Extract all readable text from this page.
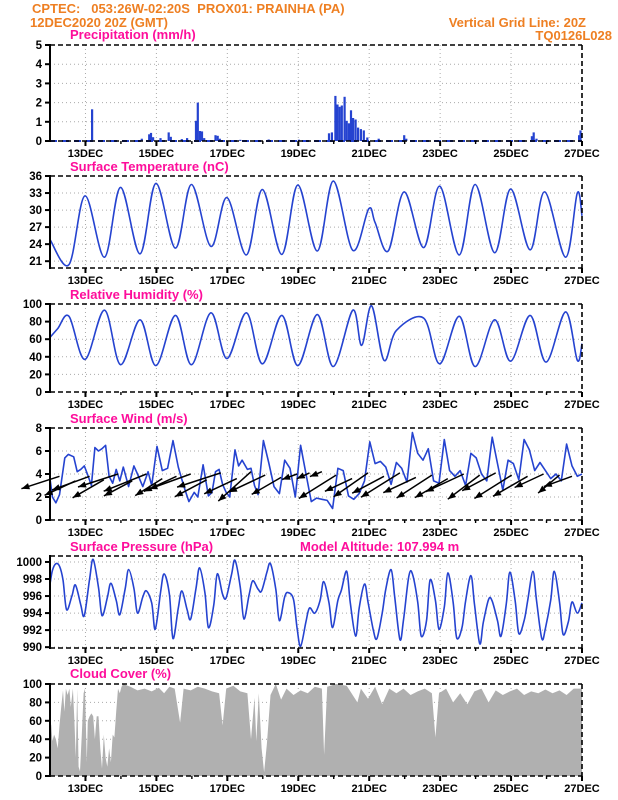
CPTEC:   053:26W-02:20S  PROX01: PRAINHA (PA)
12DEC2020 20Z (GMT)	Vertical Grid Line: 20Z
TQ0126L028
Precipitation (mm/h)
Surface Temperature (nC)
Relative Humidity (%)
Surface Wind (m/s)
Surface Pressure (hPa)	Model Altitude: 107.994 m
Cloud Cover (%)
0
1
2
3
4
5
13DEC	15DEC	17DEC	19DEC	21DEC	23DEC	25DEC	27DEC
21
24
27
30
33
36
13DEC	15DEC	17DEC	19DEC	21DEC	23DEC	25DEC	27DEC
0
20
40
60
80
100
13DEC	15DEC	17DEC	19DEC	21DEC	23DEC	25DEC	27DEC
0
2
4
6
8
13DEC	15DEC	17DEC	19DEC	21DEC	23DEC	25DEC	27DEC
990
992
994
996
998
1000
13DEC	15DEC	17DEC	19DEC	21DEC	23DEC	25DEC	27DEC
0
20
40
60
80
100
13DEC	15DEC	17DEC	19DEC	21DEC	23DEC	25DEC	27DEC
